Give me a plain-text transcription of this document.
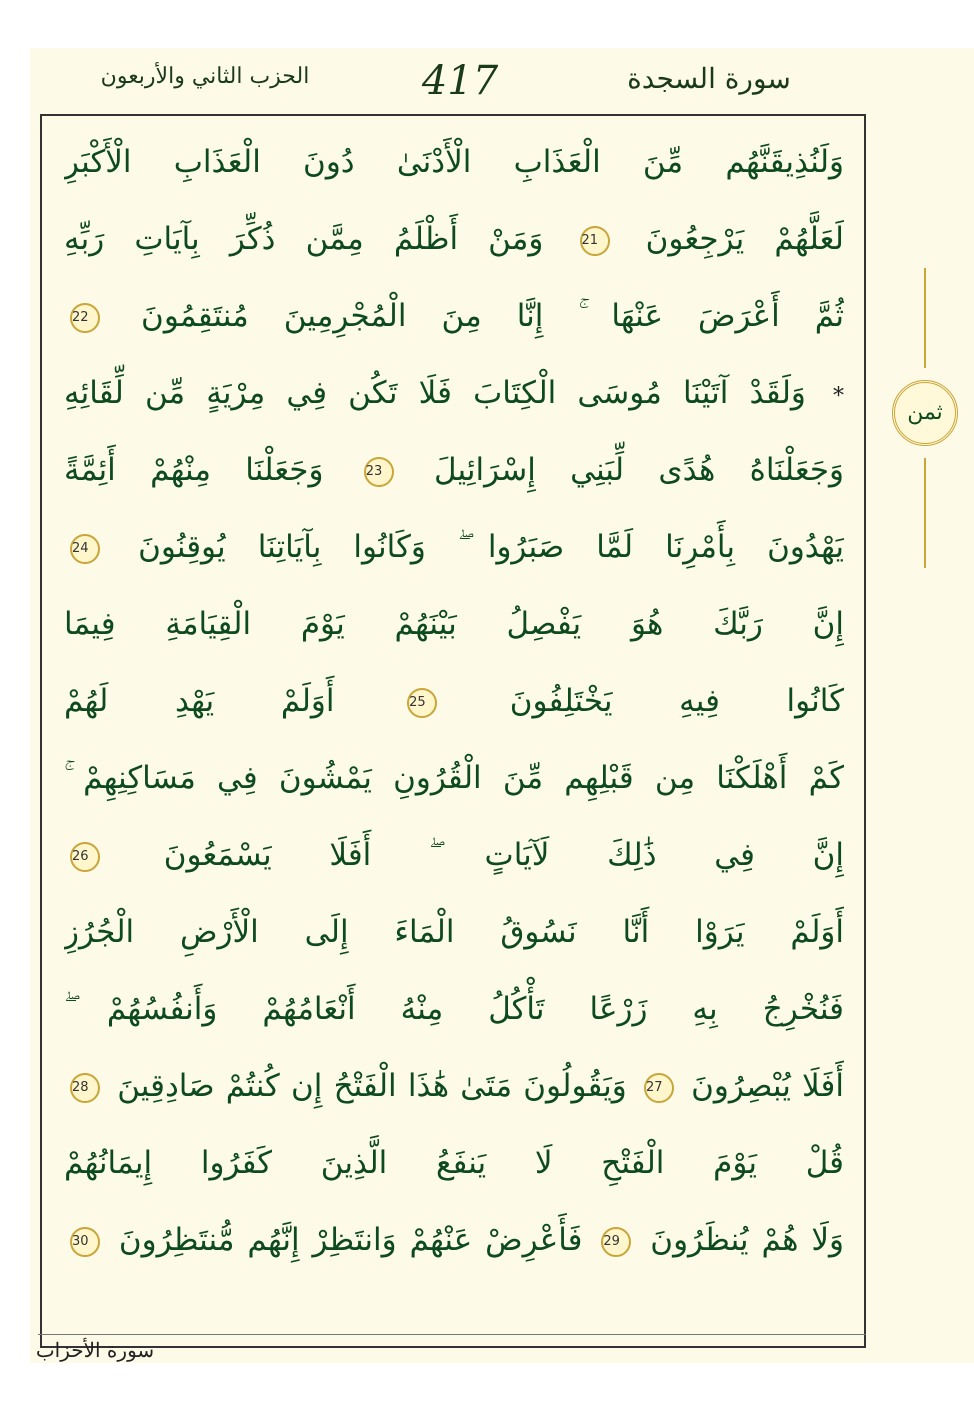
الحزب الثاني والأربعون	417	سورة السجدة
وَلَنُذِيقَنَّهُم مِّنَ الْعَذَابِ الْأَدْنَىٰ دُونَ الْعَذَابِ الْأَكْبَرِ
لَعَلَّهُمْ يَرْجِعُونَ 21 وَمَنْ أَظْلَمُ مِمَّن ذُكِّرَ بِآيَاتِ رَبِّهِ
ثُمَّ أَعْرَضَ عَنْهَا ۚ إِنَّا مِنَ الْمُجْرِمِينَ مُنتَقِمُونَ 22
* وَلَقَدْ آتَيْنَا مُوسَى الْكِتَابَ فَلَا تَكُن فِي مِرْيَةٍ مِّن لِّقَائِهِ
وَجَعَلْنَاهُ هُدًى لِّبَنِي إِسْرَائِيلَ 23 وَجَعَلْنَا مِنْهُمْ أَئِمَّةً
يَهْدُونَ بِأَمْرِنَا لَمَّا صَبَرُوا ۖ وَكَانُوا بِآيَاتِنَا يُوقِنُونَ 24
إِنَّ رَبَّكَ هُوَ يَفْصِلُ بَيْنَهُمْ يَوْمَ الْقِيَامَةِ فِيمَا
كَانُوا فِيهِ يَخْتَلِفُونَ 25 أَوَلَمْ يَهْدِ لَهُمْ
كَمْ أَهْلَكْنَا مِن قَبْلِهِم مِّنَ الْقُرُونِ يَمْشُونَ فِي مَسَاكِنِهِمْ ۚ
إِنَّ فِي ذَٰلِكَ لَآيَاتٍ ۖ أَفَلَا يَسْمَعُونَ 26
أَوَلَمْ يَرَوْا أَنَّا نَسُوقُ الْمَاءَ إِلَى الْأَرْضِ الْجُرُزِ
فَنُخْرِجُ بِهِ زَرْعًا تَأْكُلُ مِنْهُ أَنْعَامُهُمْ وَأَنفُسُهُمْ ۖ
أَفَلَا يُبْصِرُونَ 27 وَيَقُولُونَ مَتَىٰ هَٰذَا الْفَتْحُ إِن كُنتُمْ صَادِقِينَ 28
قُلْ يَوْمَ الْفَتْحِ لَا يَنفَعُ الَّذِينَ كَفَرُوا إِيمَانُهُمْ
وَلَا هُمْ يُنظَرُونَ 29 فَأَعْرِضْ عَنْهُمْ وَانتَظِرْ إِنَّهُم مُّنتَظِرُونَ 30
ثمن
سورة الأحزاب
